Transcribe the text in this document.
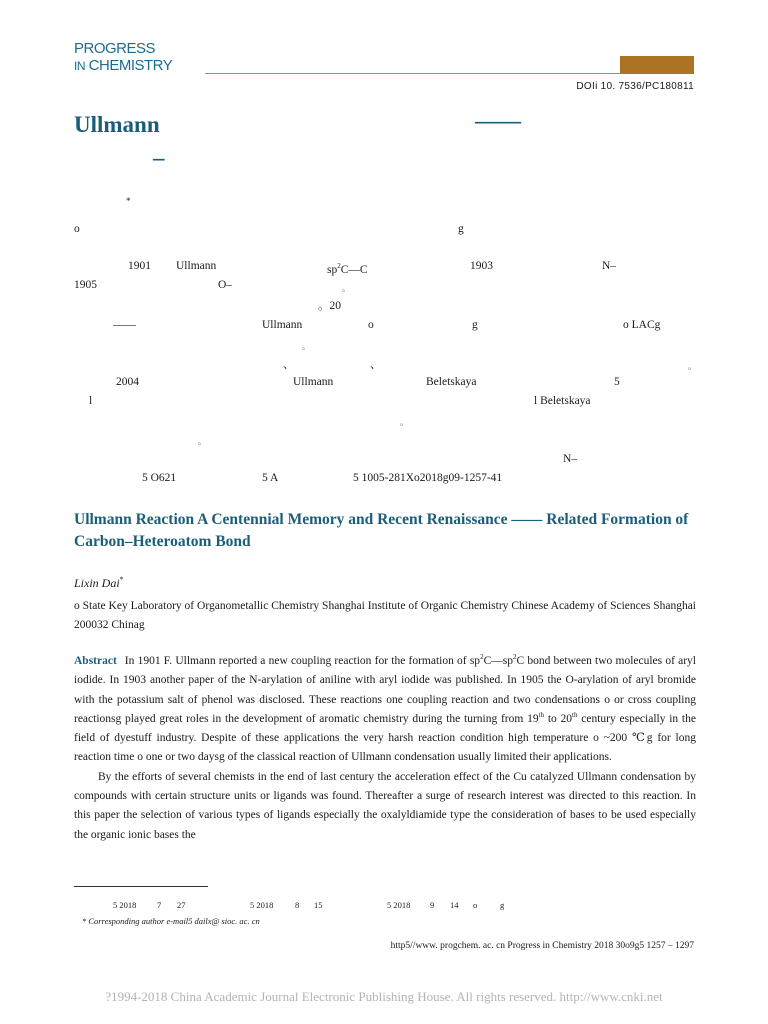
PROGRESS
IN CHEMISTRY
DOIi 10. 7536/PC180811
Ullmann	——
–
*
o	g
1901 Ullmann	$sp^2C—C$	1903	N–
1905	O–	。
。20
——	Ullmann	o	g	o LACg
。
、	、	。
2004	Ullmann	Beletskaya	5
l	l Beletskaya
。
。
N–
5 O621	5 A	5 1005-281Xo2018g09-1257-41
Ullmann Reaction A Centennial Memory and Recent Renaissance —— Related Formation of Carbon–Heteroatom Bond
Lixin Dai*
o State Key Laboratory of Organometallic Chemistry Shanghai Institute of Organic Chemistry Chinese Academy of Sciences Shanghai 200032 Chinag

Abstract In 1901 F. Ullmann reported a new coupling reaction for the formation of $sp^2C—sp^2C$ bond between two molecules of aryl iodide. In 1903 another paper of the N-arylation of aniline with aryl iodide was published. In 1905 the O-arylation of aryl bromide with the potassium salt of phenol was disclosed. These reactions one coupling reaction and two condensations o or cross coupling reactionsg played great roles in the development of aromatic chemistry during the turning from 19th to 20th century especially in the field of dyestuff industry. Despite of these applications the very harsh reaction condition high temperature o ~200 ℃g for long reaction time o one or two daysg of the classical reaction of Ullmann condensation usually limited their applications.

By the efforts of several chemists in the end of last century the acceleration effect of the Cu catalyzed Ullmann condensation by compounds with certain structure units or ligands was found. Thereafter a surge of research interest was directed to this reaction. In this paper the selection of various types of ligands especially the oxalyldiamide type the consideration of bases to be used especially the organic ionic bases the

5 2018 7 27	5 2018	8 15	5 2018 9 14 o	g
* Corresponding author e-mail5 dailx@ sioc. ac. cn
http5//www. progchem. ac. cn Progress in Chemistry 2018 30o9g5 1257 – 1297
?1994-2018 China Academic Journal Electronic Publishing House. All rights reserved. http://www.cnki.net
